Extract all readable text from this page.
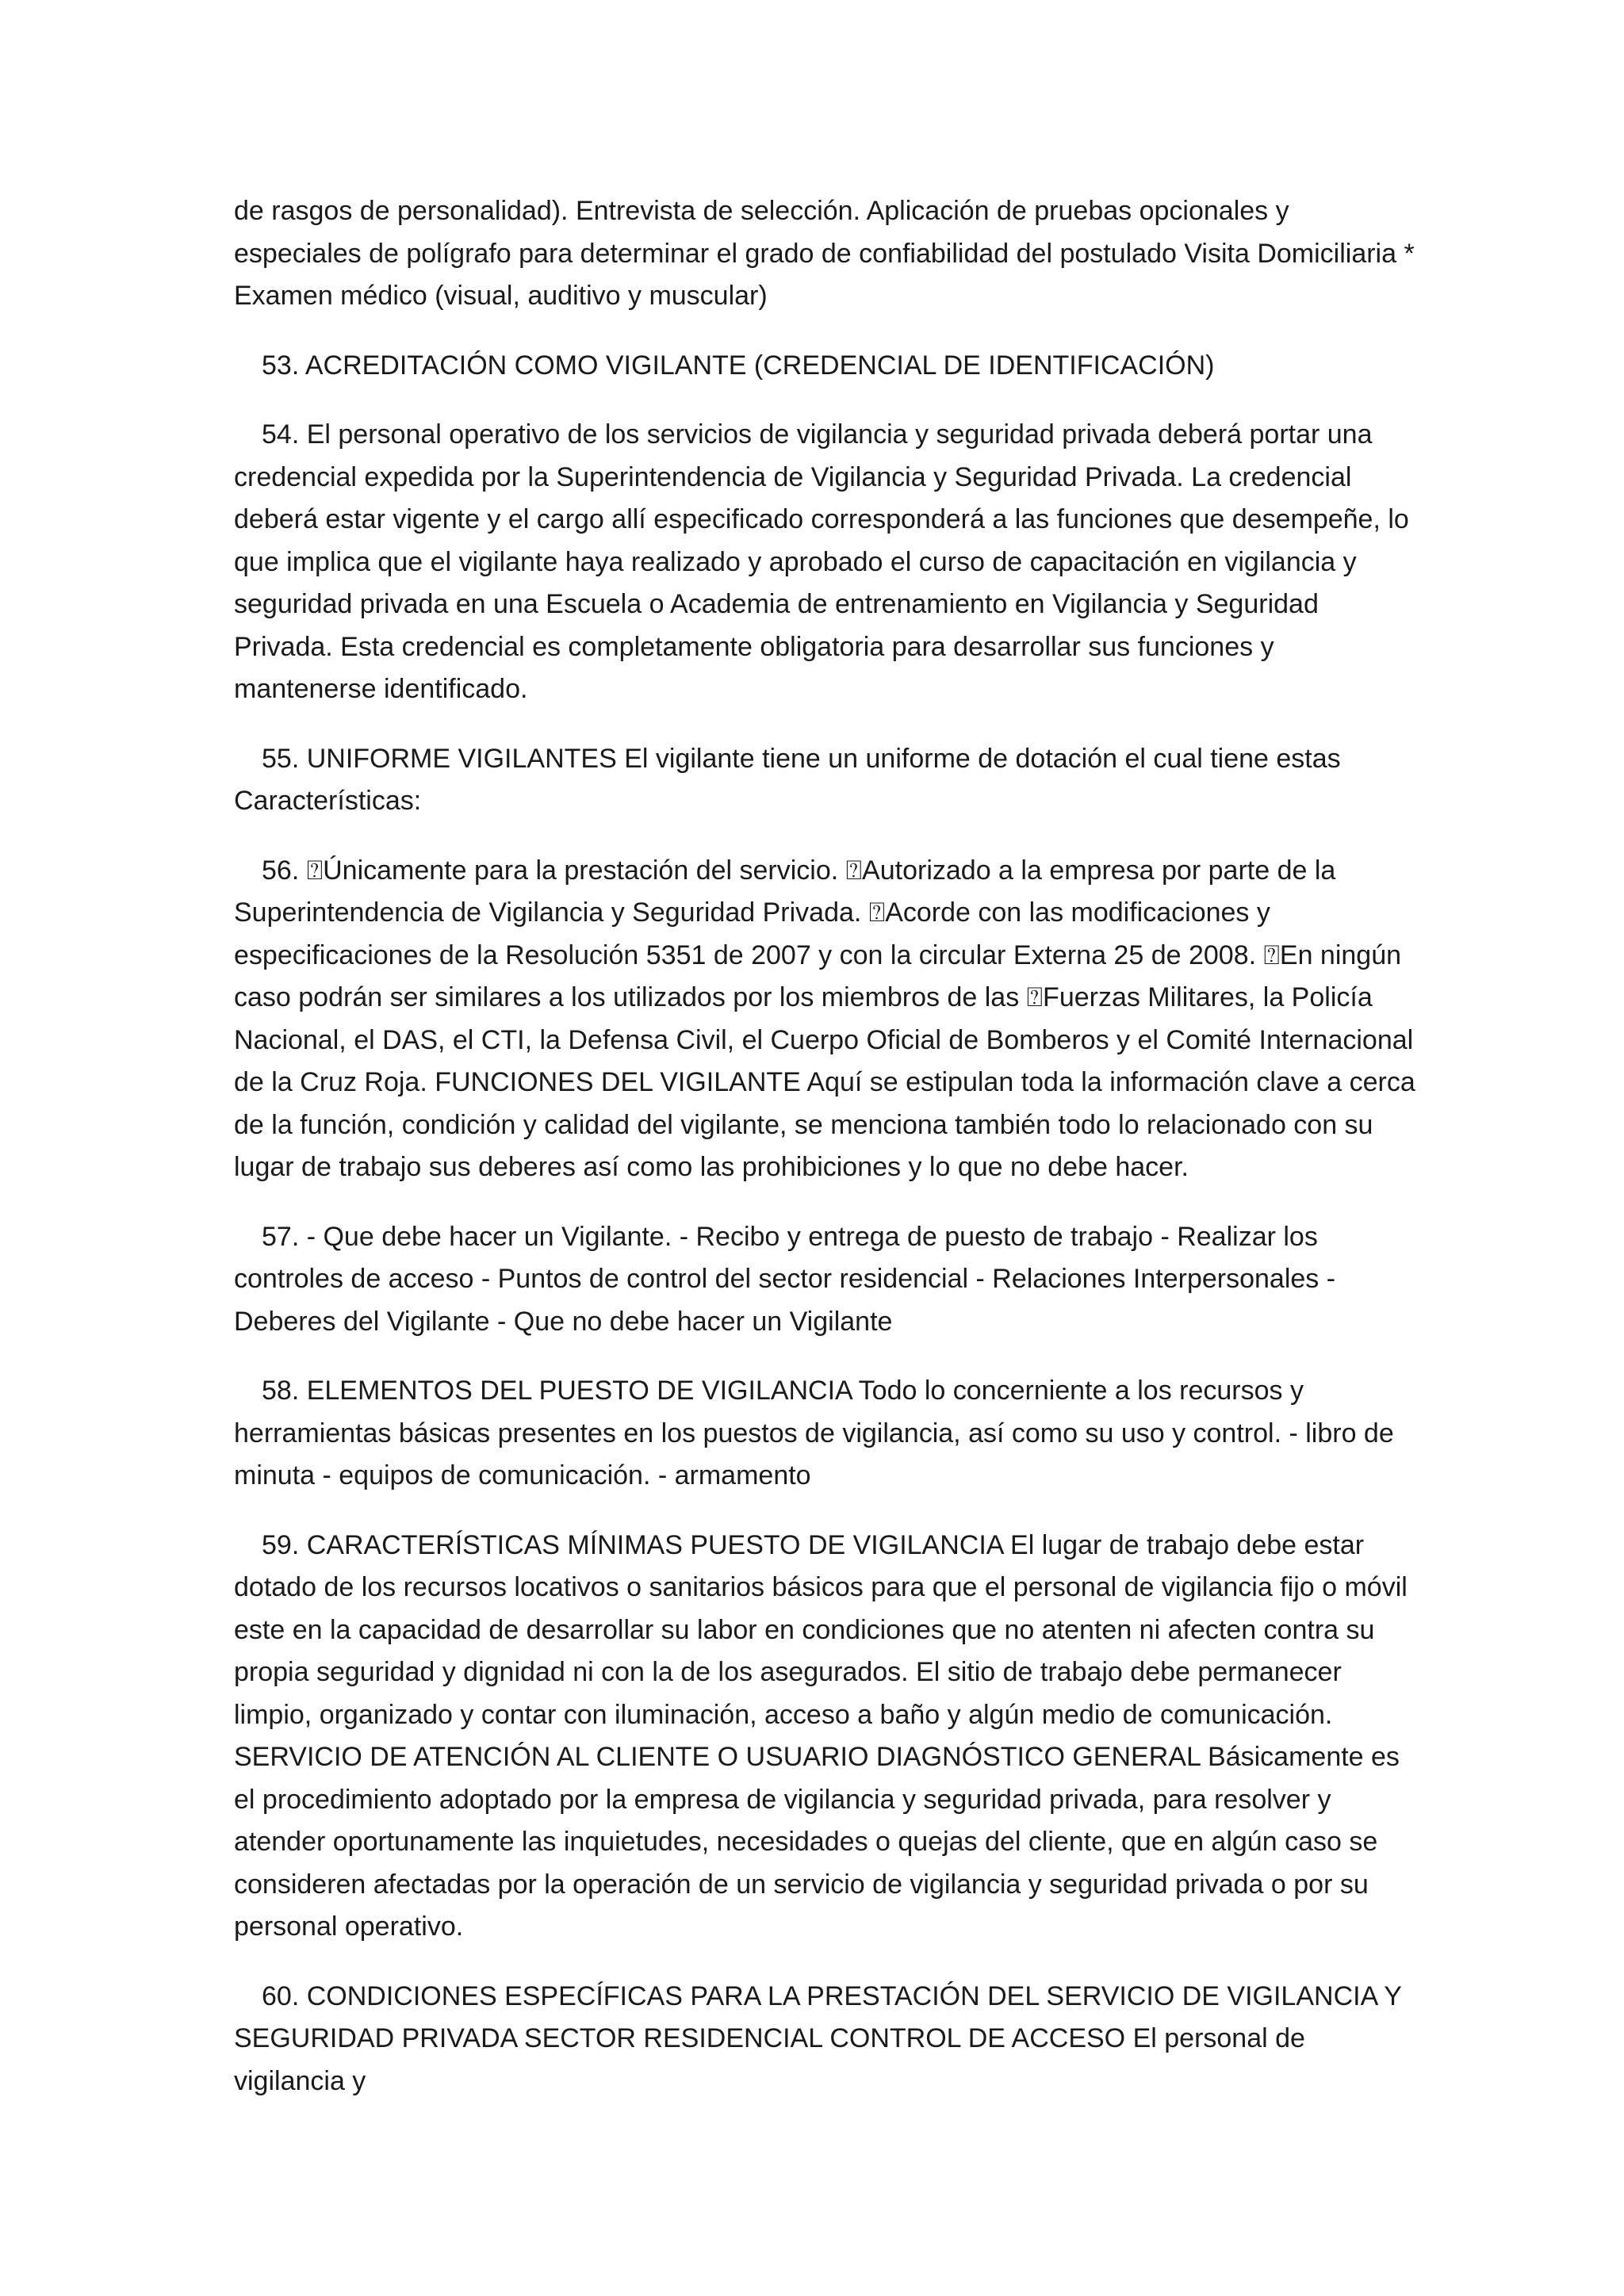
de rasgos de personalidad). Entrevista de selección. Aplicación de pruebas opcionales y especiales de polígrafo para determinar el grado de confiabilidad del postulado Visita Domiciliaria * Examen médico (visual, auditivo y muscular)

53. ACREDITACIÓN COMO VIGILANTE (CREDENCIAL DE IDENTIFICACIÓN)

54. El personal operativo de los servicios de vigilancia y seguridad privada deberá portar una credencial expedida por la Superintendencia de Vigilancia y Seguridad Privada. La credencial deberá estar vigente y el cargo allí especificado corresponderá a las funciones que desempeñe, lo que implica que el vigilante haya realizado y aprobado el curso de capacitación en vigilancia y seguridad privada en una Escuela o Academia de entrenamiento en Vigilancia y Seguridad Privada. Esta credencial es completamente obligatoria para desarrollar sus funciones y mantenerse identificado.

55. UNIFORME VIGILANTES El vigilante tiene un uniforme de dotación el cual tiene estas Características:

56. ⍰Únicamente para la prestación del servicio. ⍰Autorizado a la empresa por parte de la Superintendencia de Vigilancia y Seguridad Privada. ⍰Acorde con las modificaciones y especificaciones de la Resolución 5351 de 2007 y con la circular Externa 25 de 2008. ⍰En ningún caso podrán ser similares a los utilizados por los miembros de las ⍰Fuerzas Militares, la Policía Nacional, el DAS, el CTI, la Defensa Civil, el Cuerpo Oficial de Bomberos y el Comité Internacional de la Cruz Roja. FUNCIONES DEL VIGILANTE Aquí se estipulan toda la información clave a cerca de la función, condición y calidad del vigilante, se menciona también todo lo relacionado con su lugar de trabajo sus deberes así como las prohibiciones y lo que no debe hacer.

57. - Que debe hacer un Vigilante. - Recibo y entrega de puesto de trabajo - Realizar los controles de acceso - Puntos de control del sector residencial - Relaciones Interpersonales - Deberes del Vigilante - Que no debe hacer un Vigilante

58. ELEMENTOS DEL PUESTO DE VIGILANCIA Todo lo concerniente a los recursos y herramientas básicas presentes en los puestos de vigilancia, así como su uso y control. - libro de minuta - equipos de comunicación. - armamento

59. CARACTERÍSTICAS MÍNIMAS PUESTO DE VIGILANCIA El lugar de trabajo debe estar dotado de los recursos locativos o sanitarios básicos para que el personal de vigilancia fijo o móvil este en la capacidad de desarrollar su labor en condiciones que no atenten ni afecten contra su propia seguridad y dignidad ni con la de los asegurados. El sitio de trabajo debe permanecer limpio, organizado y contar con iluminación, acceso a baño y algún medio de comunicación. SERVICIO DE ATENCIÓN AL CLIENTE O USUARIO DIAGNÓSTICO GENERAL Básicamente es el procedimiento adoptado por la empresa de vigilancia y seguridad privada, para resolver y atender oportunamente las inquietudes, necesidades o quejas del cliente, que en algún caso se consideren afectadas por la operación de un servicio de vigilancia y seguridad privada o por su personal operativo.

60. CONDICIONES ESPECÍFICAS PARA LA PRESTACIÓN DEL SERVICIO DE VIGILANCIA Y SEGURIDAD PRIVADA SECTOR RESIDENCIAL CONTROL DE ACCESO El personal de vigilancia y
